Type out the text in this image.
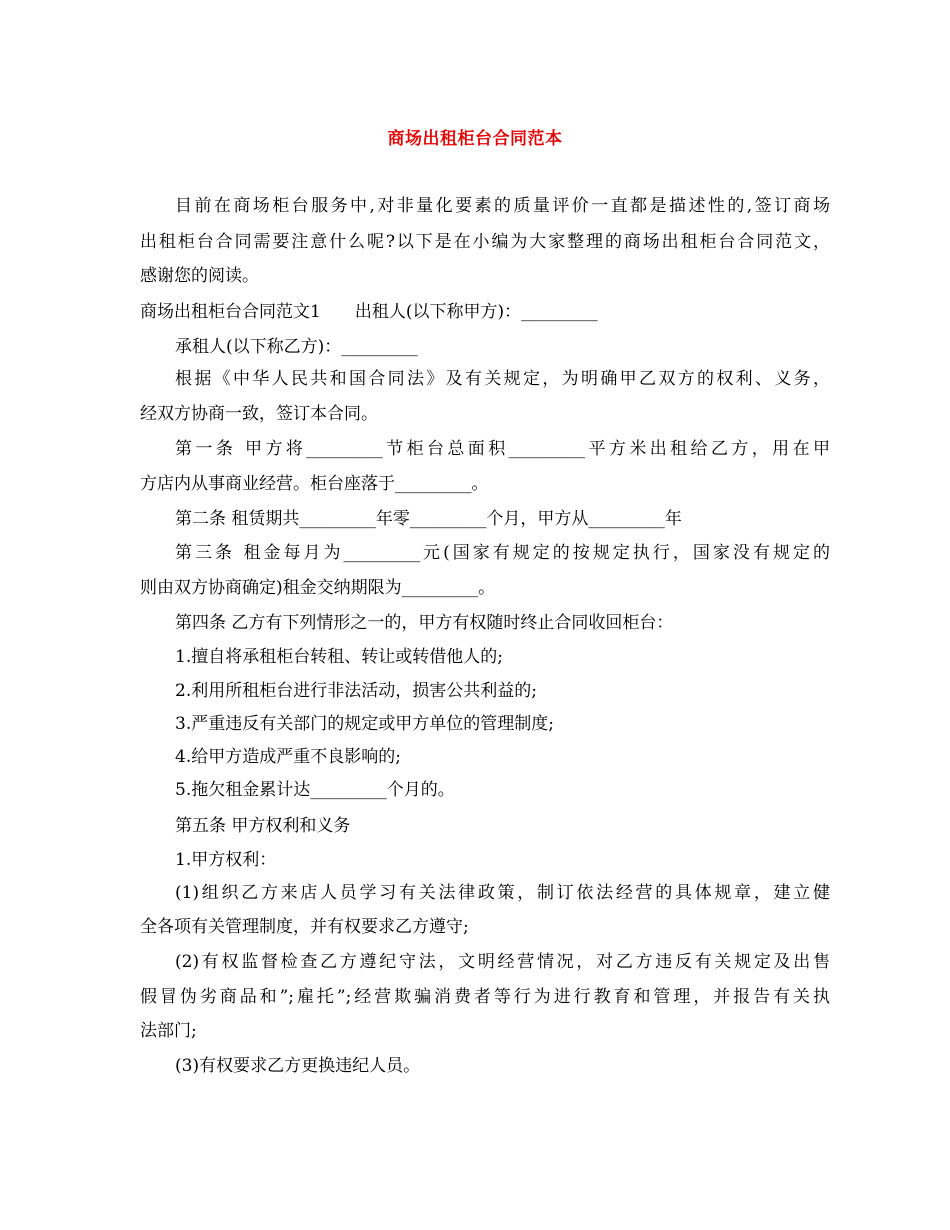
商场出租柜台合同范本
目前在商场柜台服务中,对非量化要素的质量评价一直都是描述性的,签订商场
出租柜台合同需要注意什么呢?以下是在小编为大家整理的商场出租柜台合同范文，
感谢您的阅读。
商场出租柜台合同范文1　　出租人(以下称甲方)：_________
承租人(以下称乙方)：_________
根据《中华人民共和国合同法》及有关规定，为明确甲乙双方的权利、义务，
经双方协商一致，签订本合同。
第一条 甲方将_________节柜台总面积_________平方米出租给乙方，用在甲
方店内从事商业经营。柜台座落于_________。
第二条 租赁期共_________年零_________个月，甲方从_________年
第三条 租金每月为_________元(国家有规定的按规定执行，国家没有规定的
则由双方协商确定)租金交纳期限为_________。
第四条 乙方有下列情形之一的，甲方有权随时终止合同收回柜台：
1.擅自将承租柜台转租、转让或转借他人的;
2.利用所租柜台进行非法活动，损害公共利益的;
3.严重违反有关部门的规定或甲方单位的管理制度;
4.给甲方造成严重不良影响的;
5.拖欠租金累计达_________个月的。
第五条 甲方权利和义务
1.甲方权利：
(1)组织乙方来店人员学习有关法律政策，制订依法经营的具体规章，建立健
全各项有关管理制度，并有权要求乙方遵守;
(2)有权监督检查乙方遵纪守法，文明经营情况，对乙方违反有关规定及出售
假冒伪劣商品和”;雇托”;经营欺骗消费者等行为进行教育和管理，并报告有关执
法部门;
(3)有权要求乙方更换违纪人员。
